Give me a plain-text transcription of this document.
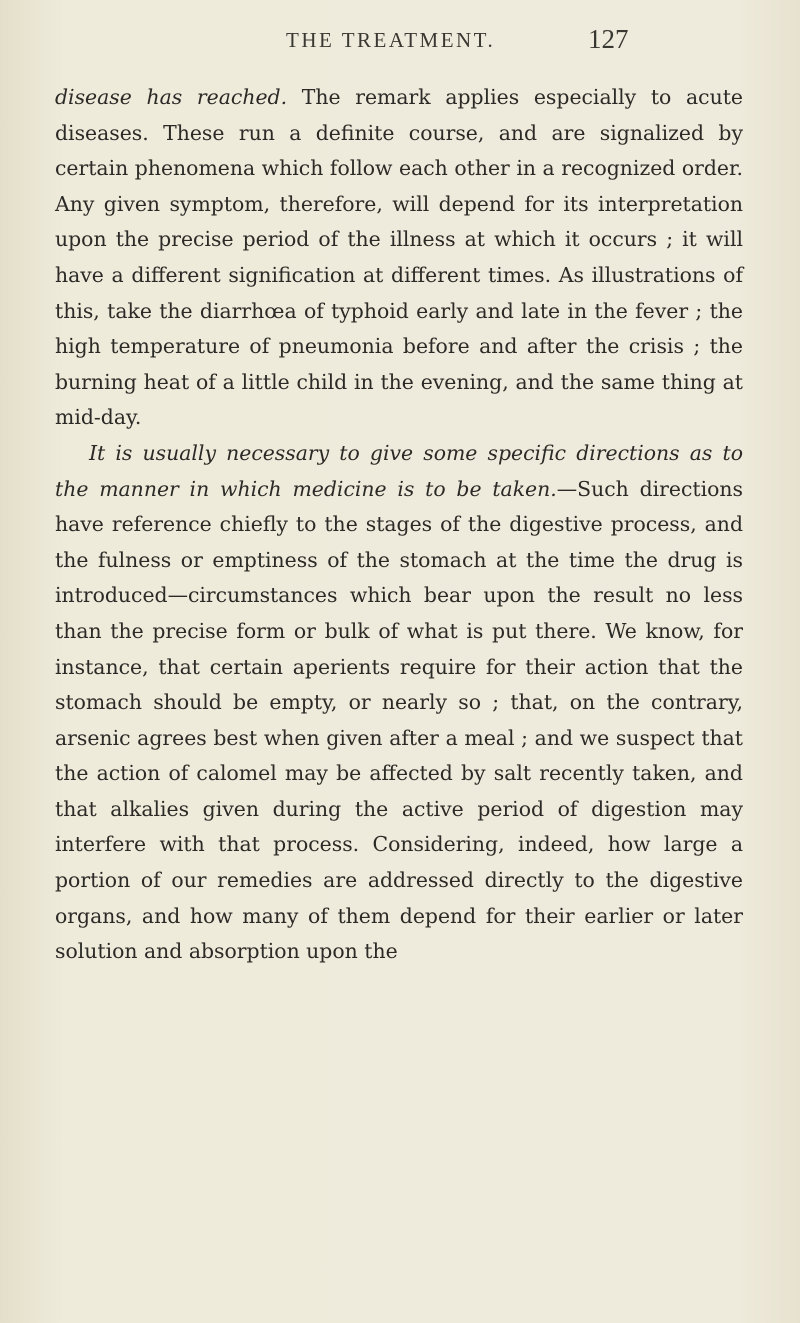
THE TREATMENT.	127

disease has reached. The remark applies especially to acute diseases. These run a definite course, and are signalized by certain phenomena which follow each other in a recognized order. Any given symptom, therefore, will depend for its interpretation upon the precise period of the illness at which it occurs ; it will have a different signification at different times. As illustrations of this, take the diarrhœa of typhoid early and late in the fever ; the high temperature of pneumonia before and after the crisis ; the burning heat of a little child in the evening, and the same thing at mid-day.

It is usually necessary to give some specific directions as to the manner in which medicine is to be taken.—Such directions have reference chiefly to the stages of the digestive process, and the fulness or emptiness of the stomach at the time the drug is introduced—circumstances which bear upon the result no less than the precise form or bulk of what is put there. We know, for instance, that certain aperients require for their action that the stomach should be empty, or nearly so ; that, on the contrary, arsenic agrees best when given after a meal ; and we suspect that the action of calomel may be affected by salt recently taken, and that alkalies given during the active period of digestion may interfere with that process. Considering, indeed, how large a portion of our remedies are addressed directly to the digestive organs, and how many of them depend for their earlier or later solution and absorption upon the
